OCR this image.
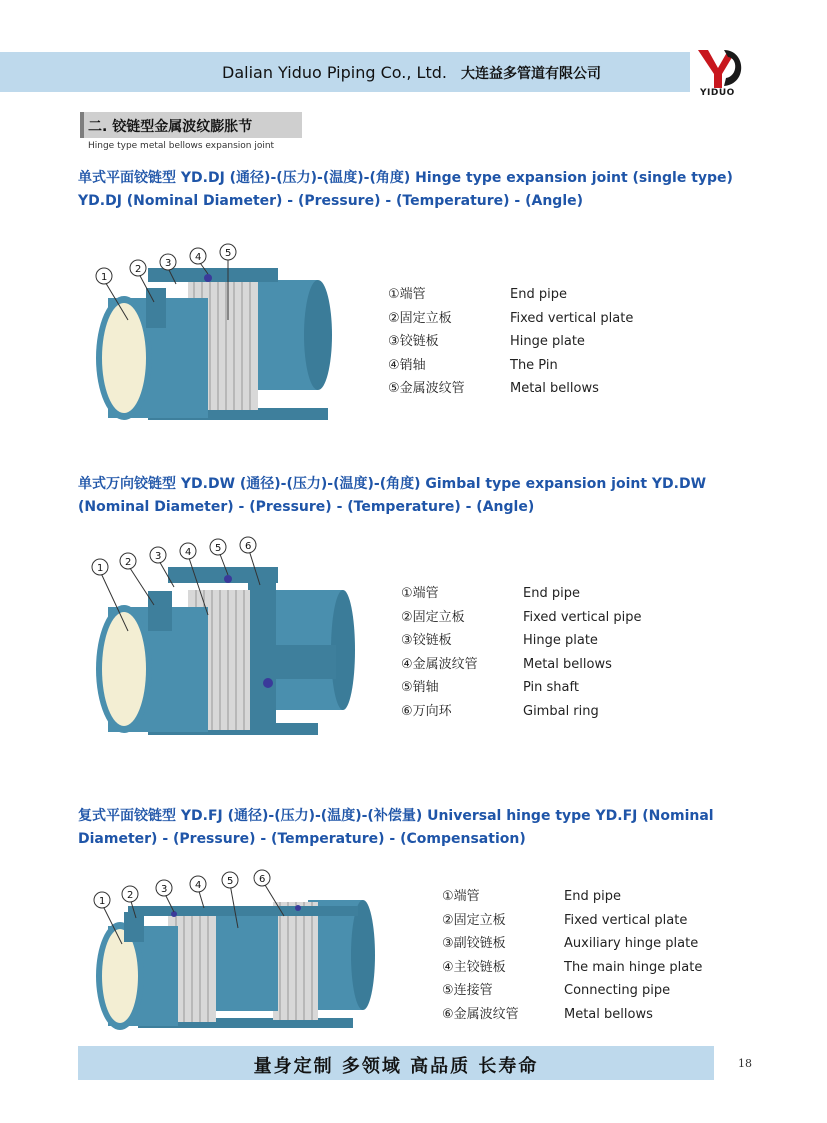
Dalian Yiduo Piping Co., Ltd. 大连益多管道有限公司
YIDUO
二. 铰链型金属波纹膨胀节
Hinge type metal bellows expansion joint
单式平面铰链型 YD.DJ (通径)-(压力)-(温度)-(角度) Hinge type expansion joint (single type) YD.DJ (Nominal Diameter) - (Pressure) - (Temperature) - (Angle)
1
2
3
4 5
①端管	End pipe
②固定立板	Fixed vertical plate
③铰链板	Hinge plate
④销轴	The Pin
⑤金属波纹管	Metal bellows
单式万向铰链型 YD.DW (通径)-(压力)-(温度)-(角度) Gimbal type expansion joint YD.DW (Nominal Diameter) - (Pressure) - (Temperature) - (Angle)
1
2
3 4 5 6
①端管	End pipe
②固定立板	Fixed vertical pipe
③铰链板	Hinge plate
④金属波纹管	Metal bellows
⑤销轴	Pin shaft
⑥万向环	Gimbal ring
复式平面铰链型 YD.FJ (通径)-(压力)-(温度)-(补偿量) Universal hinge type YD.FJ (Nominal Diameter) - (Pressure) - (Temperature) - (Compensation)
1
2
3	4	5	6
①端管	End pipe
②固定立板	Fixed vertical plate
③副铰链板	Auxiliary hinge plate
④主铰链板	The main hinge plate
⑤连接管	Connecting pipe
⑥金属波纹管	Metal bellows
量身定制 多领域 高品质 长寿命	18
